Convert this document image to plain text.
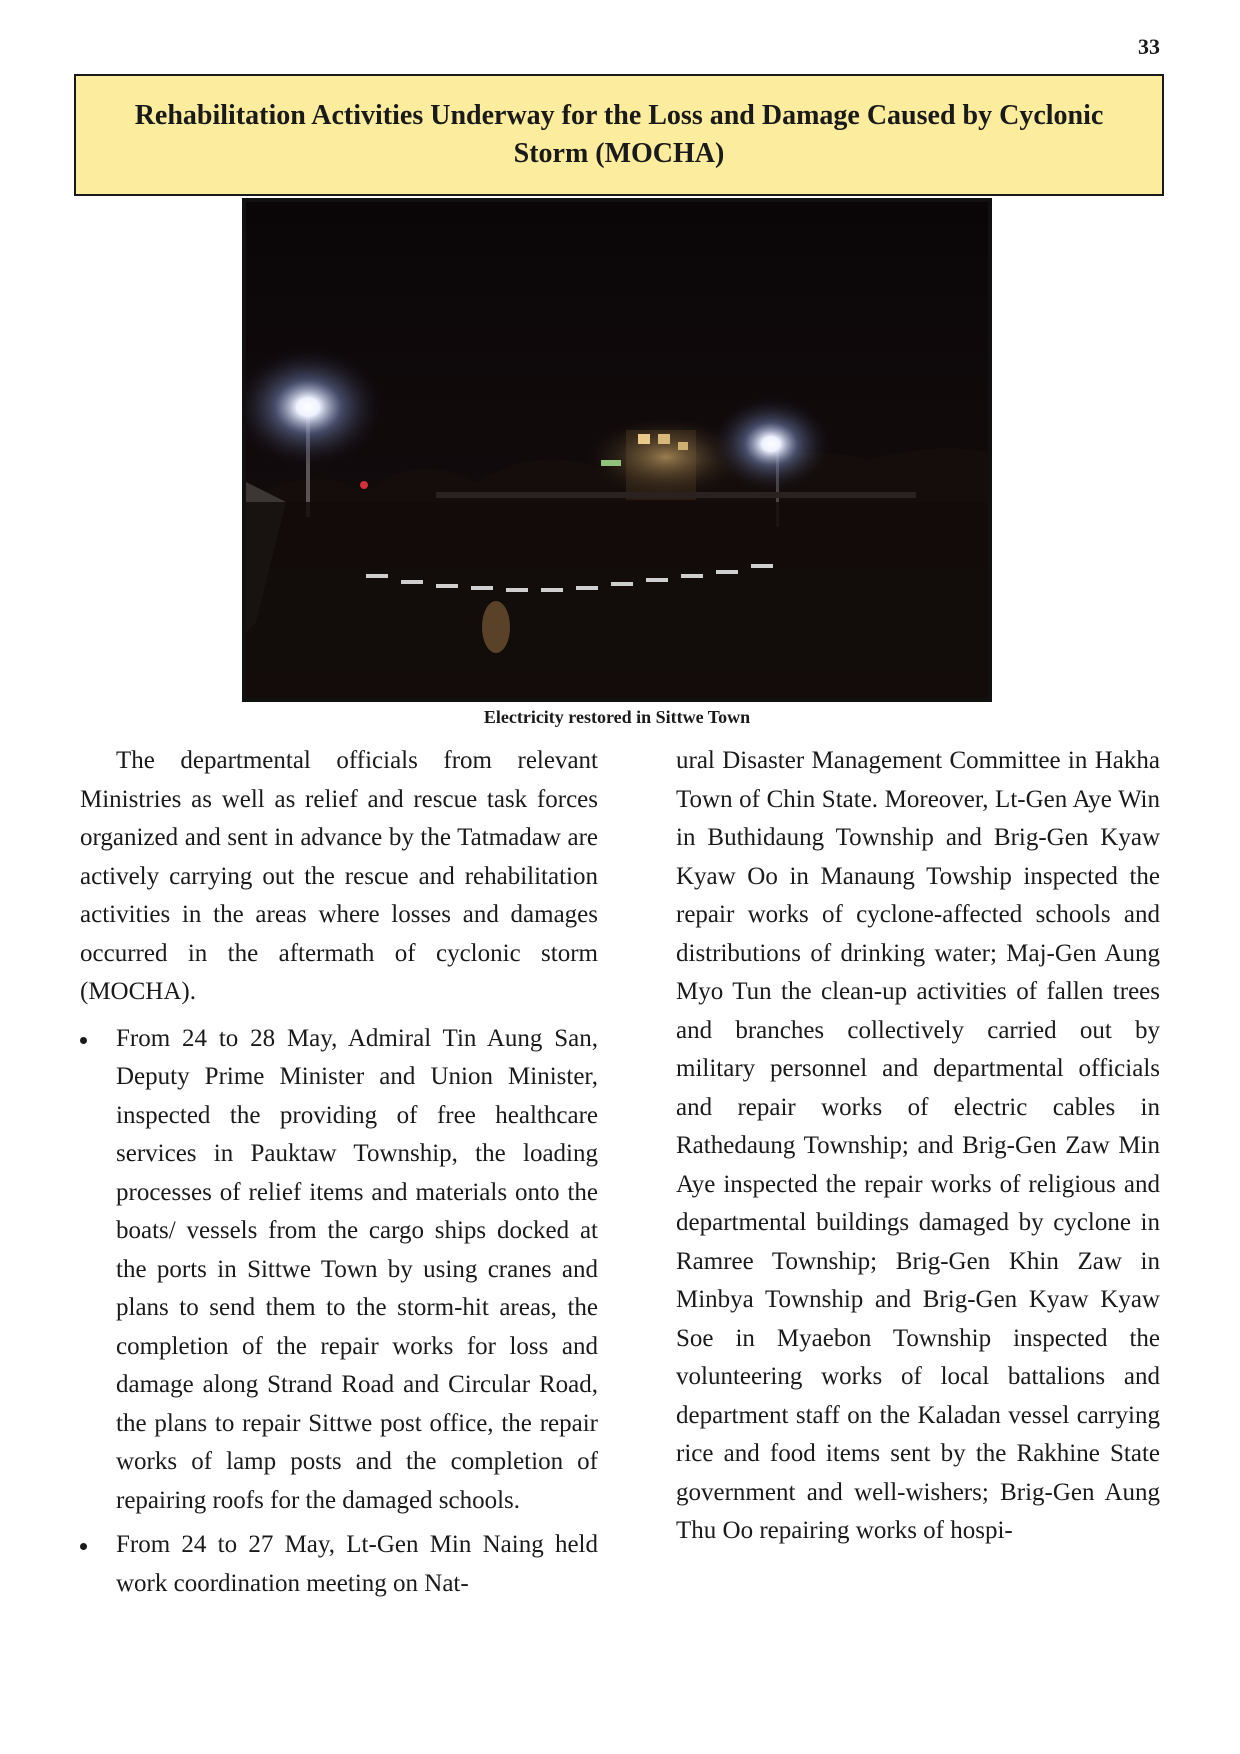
33
Rehabilitation Activities Underway for the Loss and Damage Caused by Cyclonic Storm (MOCHA)
Electricity restored in Sittwe Town

The departmental officials from relevant Ministries as well as relief and rescue task forces organized and sent in advance by the Tatmadaw are actively carrying out the rescue and rehabilitation activities in the areas where losses and damages occurred in the aftermath of cyclonic storm (MOCHA).

From 24 to 28 May, Admiral Tin Aung San, Deputy Prime Minister and Union Minister, inspected the providing of free healthcare services in Pauktaw Township, the loading processes of relief items and materials onto the boats/ vessels from the cargo ships docked at the ports in Sittwe Town by using cranes and plans to send them to the storm-hit areas, the completion of the repair works for loss and damage along Strand Road and Circular Road, the plans to repair Sittwe post office, the repair works of lamp posts and the completion of repairing roofs for the damaged schools.
From 24 to 27 May, Lt-Gen Min Naing held work coordination meeting on Nat-

ural Disaster Management Committee in Hakha Town of Chin State. Moreover, Lt-Gen Aye Win in Buthidaung Township and Brig-Gen Kyaw Kyaw Oo in Manaung Towship inspected the repair works of cyclone-affected schools and distributions of drinking water; Maj-Gen Aung Myo Tun the clean-up activities of fallen trees and branches collectively carried out by military personnel and departmental officials and repair works of electric cables in Rathedaung Township; and Brig-Gen Zaw Min Aye inspected the repair works of religious and departmental buildings damaged by cyclone in Ramree Township; Brig-Gen Khin Zaw in Minbya Township and Brig-Gen Kyaw Kyaw Soe in Myaebon Township inspected the volunteering works of local battalions and department staff on the Kaladan vessel carrying rice and food items sent by the Rakhine State government and well-wishers; Brig-Gen Aung Thu Oo repairing works of hospi-
